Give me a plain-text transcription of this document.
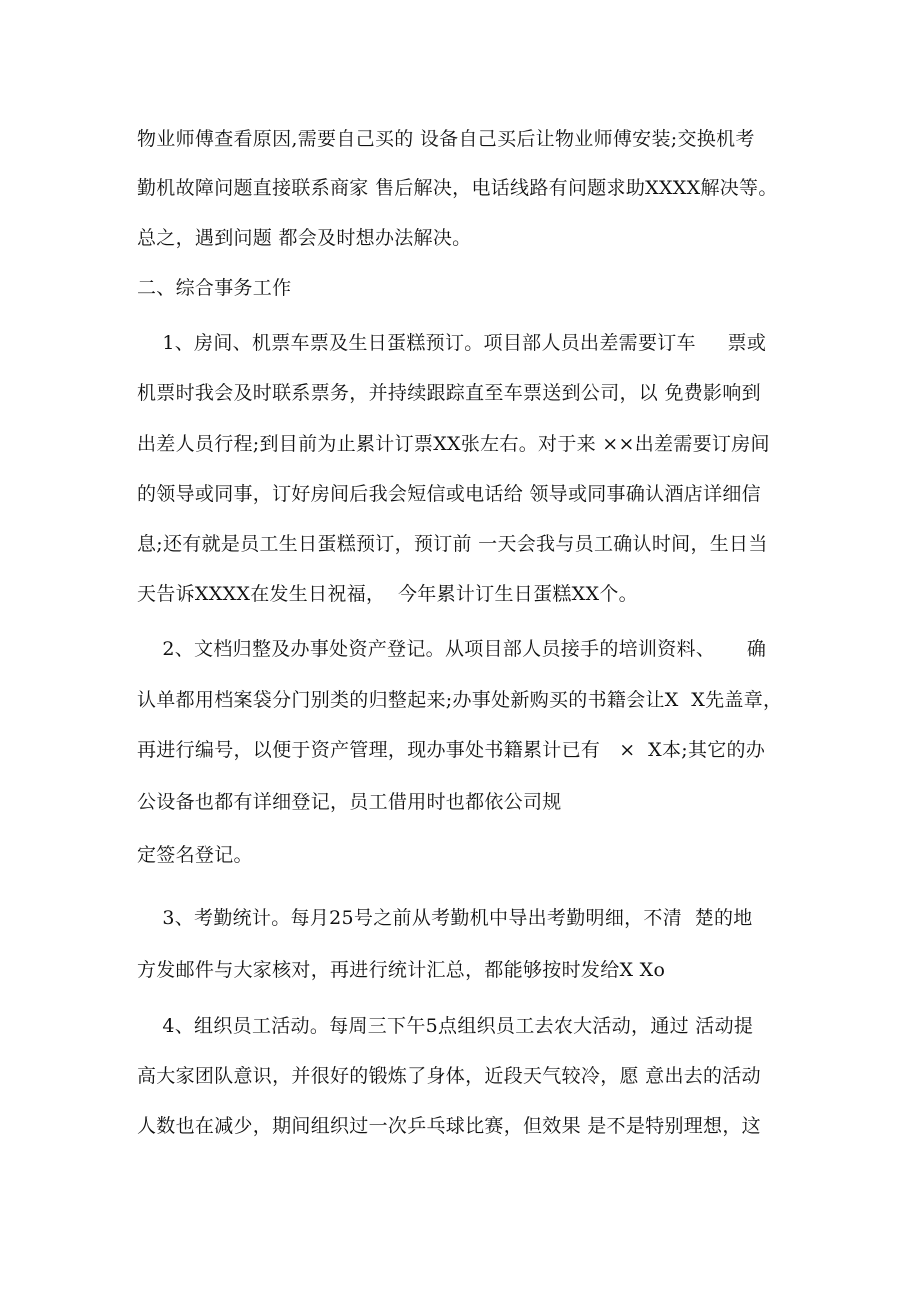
物业师傅查看原因,需要自己买的 设备自己买后让物业师傅安装;交换机考
勤机故障问题直接联系商家 售后解决，电话线路有问题求助XXXX解决等。
总之，遇到问题 都会及时想办法解决。
二、综合事务工作
1、房间、机票车票及生日蛋糕预订。项目部人员出差需要订车     票或
机票时我会及时联系票务，并持续跟踪直至车票送到公司，以 免费影响到
出差人员行程;到目前为止累计订票XX张左右。对于来 ××出差需要订房间
的领导或同事，订好房间后我会短信或电话给 领导或同事确认酒店详细信
息;还有就是员工生日蛋糕预订，预订前 一天会我与员工确认时间，生日当
天告诉XXXX在发生日祝福，  今年累计订生日蛋糕XX个。
2、文档归整及办事处资产登记。从项目部人员接手的培训资料、     确
认单都用档案袋分门别类的归整起来;办事处新购买的书籍会让X  X先盖章，
再进行编号，以便于资产管理，现办事处书籍累计已有   ×  X本;其它的办
公设备也都有详细登记，员工借用时也都依公司规
定签名登记。
3、考勤统计。每月25号之前从考勤机中导出考勤明细，不清  楚的地
方发邮件与大家核对，再进行统计汇总，都能够按时发给X Xo
4、组织员工活动。每周三下午5点组织员工去农大活动，通过 活动提
高大家团队意识，并很好的锻炼了身体，近段天气较冷，愿 意出去的活动
人数也在减少，期间组织过一次乒乓球比赛，但效果 是不是特别理想，这
